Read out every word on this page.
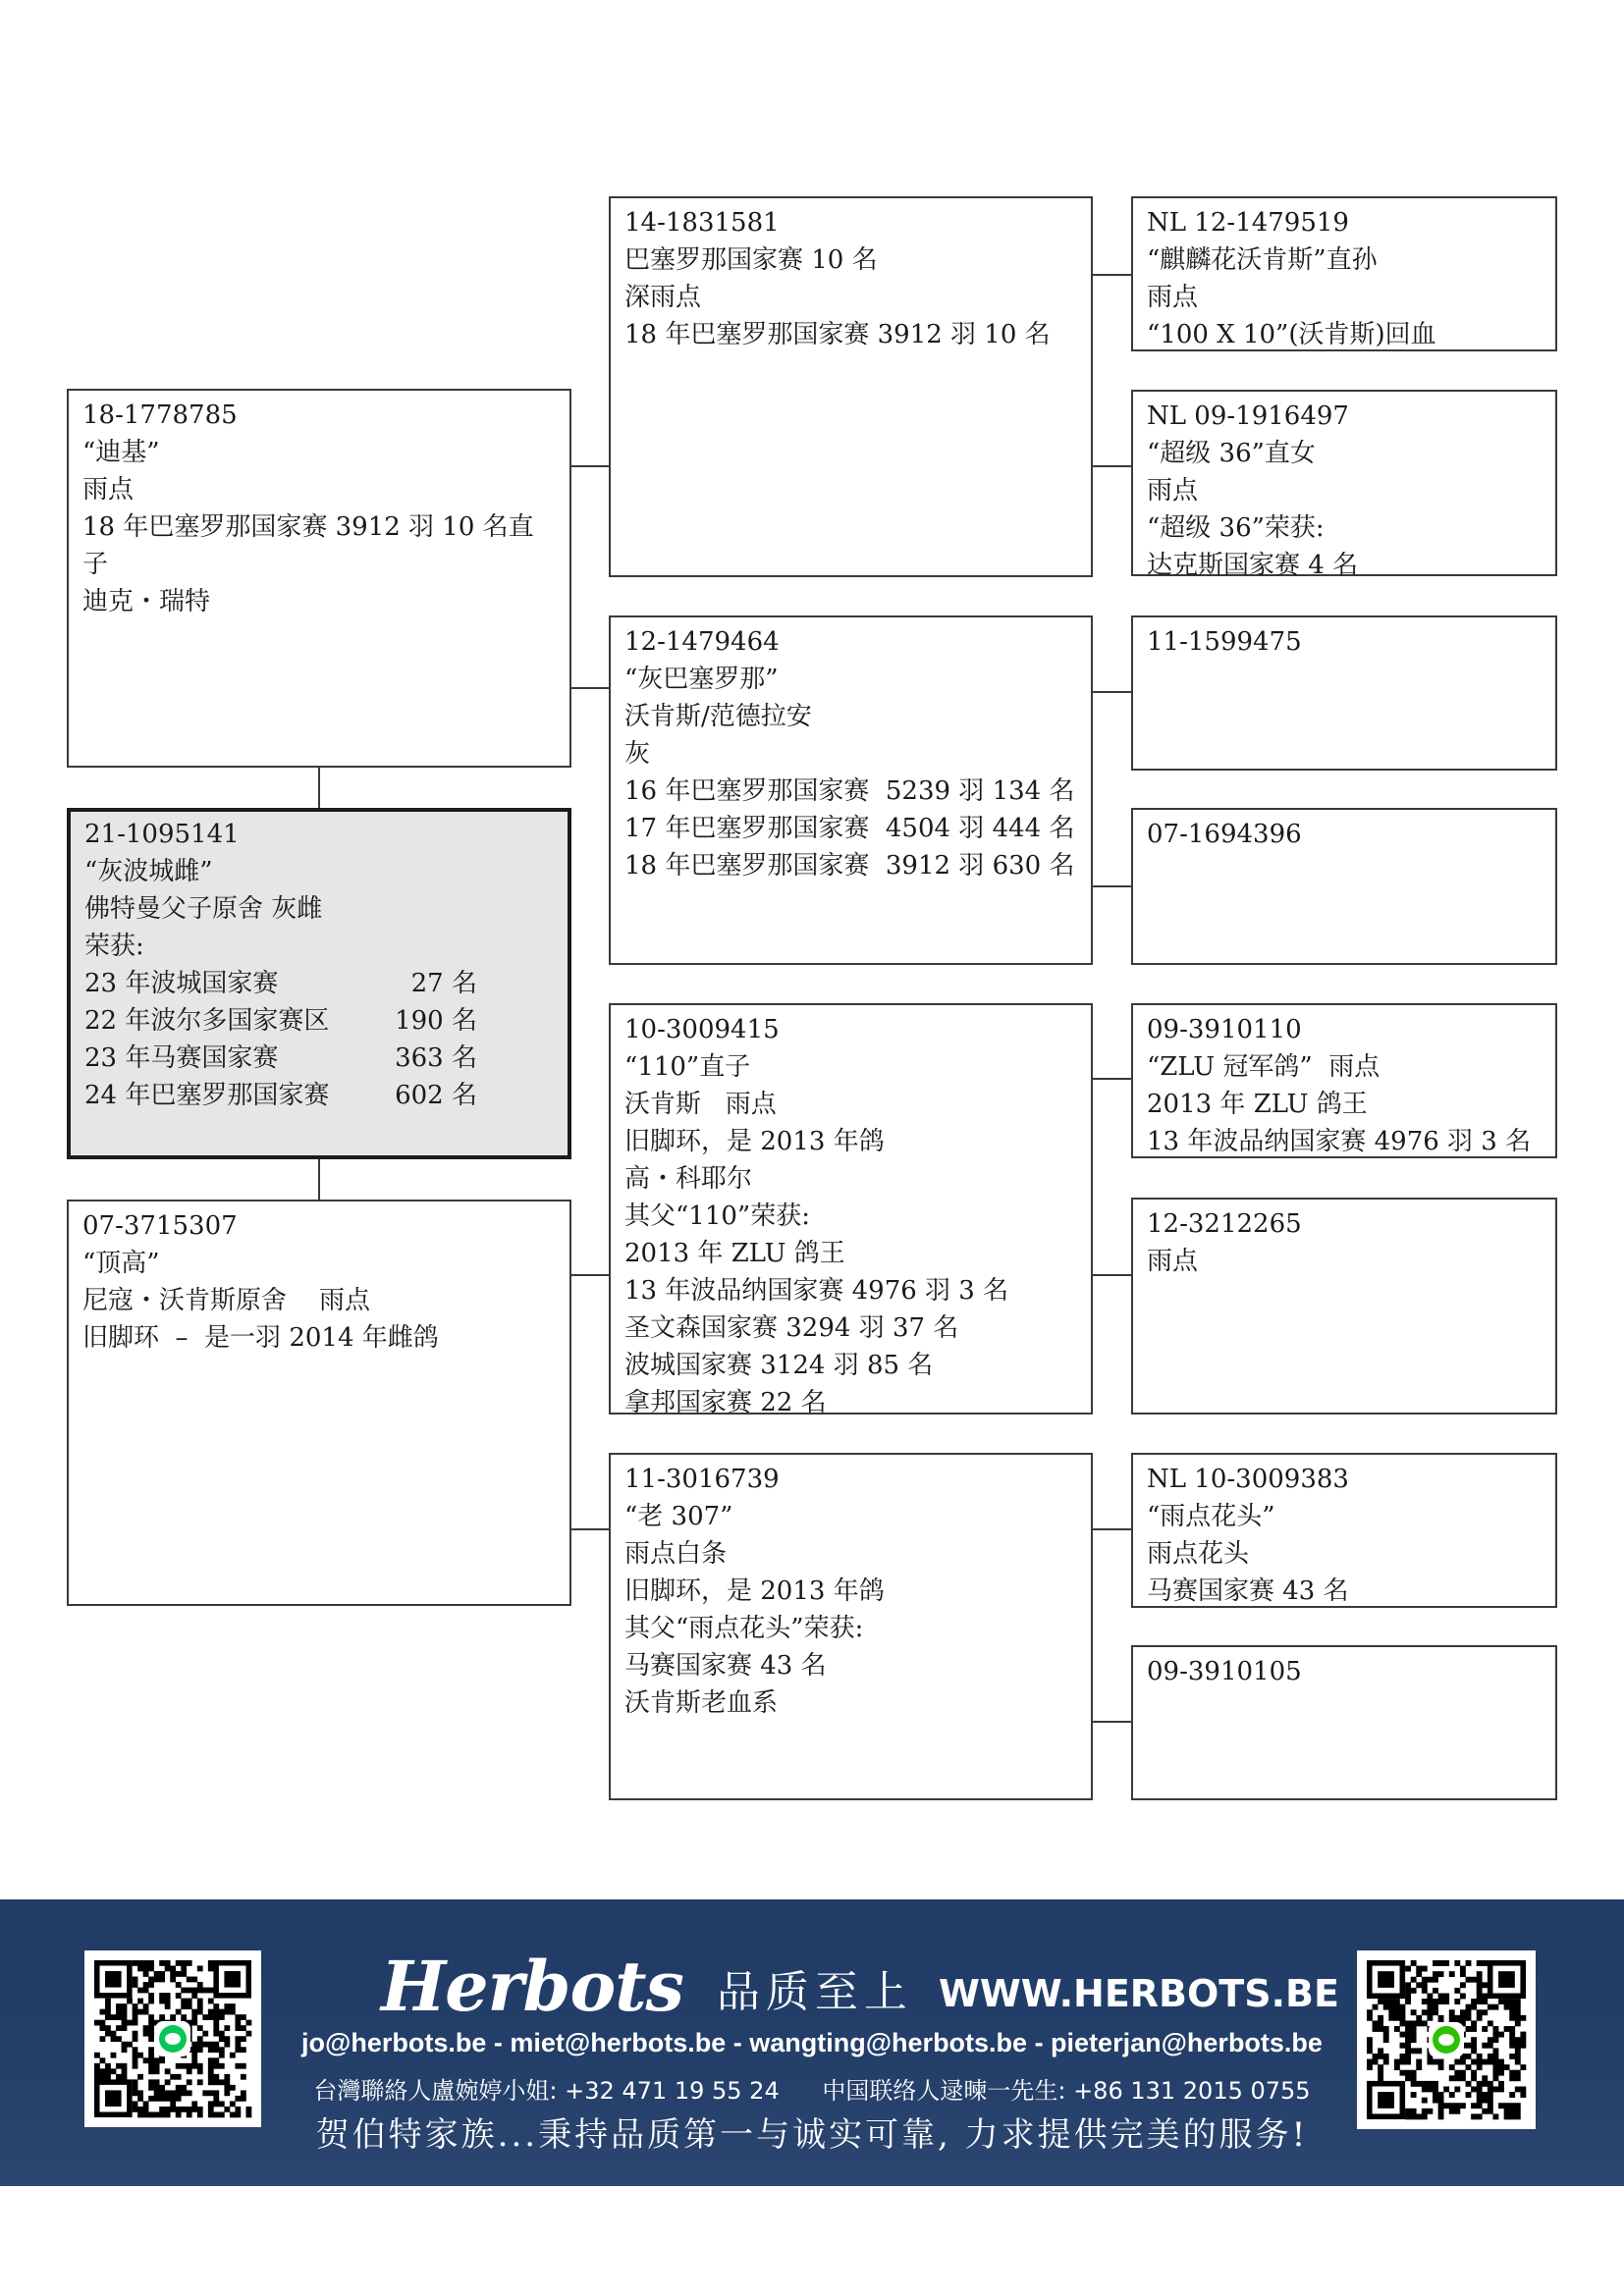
21-1095141
“灰波城雌”
佛特曼父子原舍 灰雌
荣获:
23 年波城国家赛	27 名
22 年波尔多国家赛区	190 名
23 年马赛国家赛	363 名
24 年巴塞罗那国家赛	602 名
18-1778785
“迪基”
雨点
18 年巴塞罗那国家赛 3912 羽 10 名直
子
迪克・瑞特
07-3715307
“顶高”
尼寇・沃肯斯原舍    雨点
旧脚环  –  是一羽 2014 年雌鸽
14-1831581
巴塞罗那国家赛 10 名
深雨点
18 年巴塞罗那国家赛 3912 羽 10 名
12-1479464
“灰巴塞罗那”
沃肯斯/范德拉安
灰
16 年巴塞罗那国家赛  5239 羽 134 名
17 年巴塞罗那国家赛  4504 羽 444 名
18 年巴塞罗那国家赛  3912 羽 630 名
10-3009415
“110”直子
沃肯斯   雨点
旧脚环，是 2013 年鸽
高・科耶尔
其父“110”荣获:
2013 年 ZLU 鸽王
13 年波品纳国家赛 4976 羽 3 名
圣文森国家赛 3294 羽 37 名
波城国家赛 3124 羽 85 名
拿邦国家赛 22 名
11-3016739
“老 307”
雨点白条
旧脚环，是 2013 年鸽
其父“雨点花头”荣获:
马赛国家赛 43 名
沃肯斯老血系
NL 12-1479519
“麒麟花沃肯斯”直孙
雨点
“100 X 10”(沃肯斯)回血
NL 09-1916497
“超级 36”直女
雨点
“超级 36”荣获:
达克斯国家赛 4 名
11-1599475
07-1694396
09-3910110
“ZLU 冠军鸽”  雨点
2013 年 ZLU 鸽王
13 年波品纳国家赛 4976 羽 3 名
12-3212265
雨点
NL 10-3009383
“雨点花头”
雨点花头
马赛国家赛 43 名
09-3910105
Herbots 品质至上 WWW.HERBOTS.BE
jo@herbots.be - miet@herbots.be - wangting@herbots.be - pieterjan@herbots.be
台灣聯絡人盧婉婷小姐: +32 471 19 55 24 中国联络人逯暕一先生: +86 131 2015 0755
贺伯特家族...秉持品质第一与诚实可靠, 力求提供完美的服务!
